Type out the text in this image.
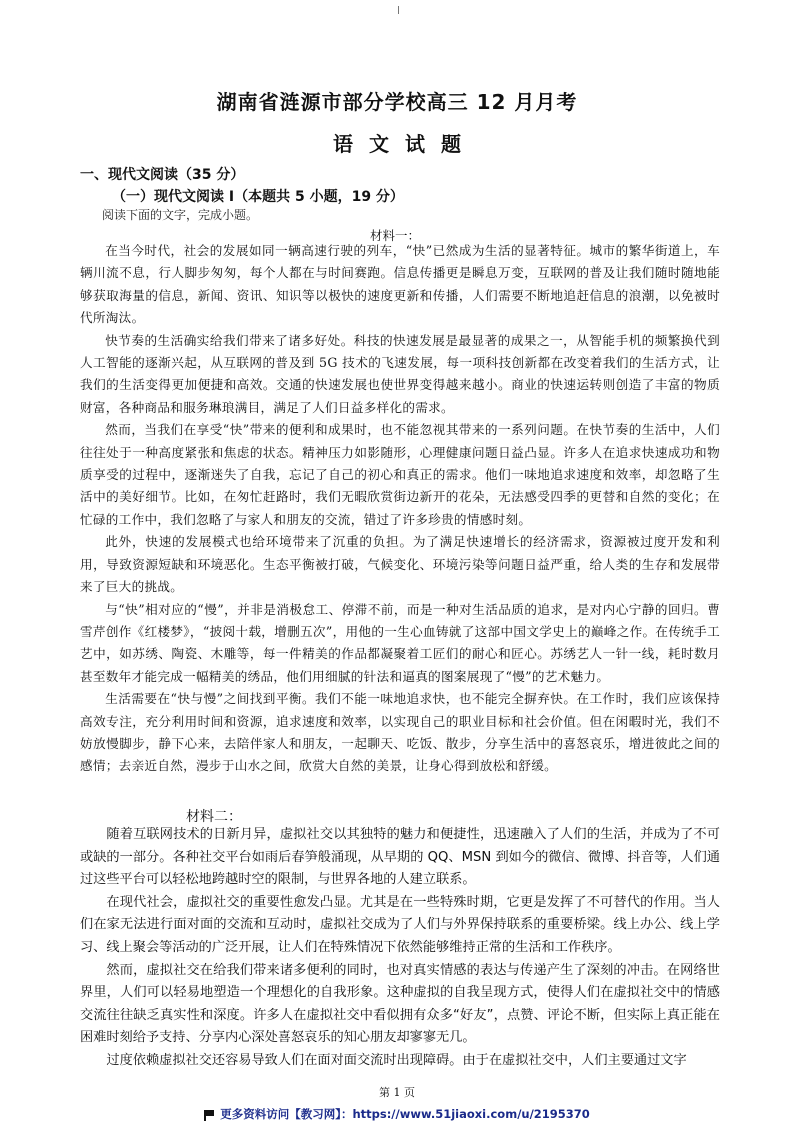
湖南省涟源市部分学校高三 12 月月考
语文试题
一、现代文阅读（35 分）
（一）现代文阅读 I（本题共 5 小题，19 分）
阅读下面的文字，完成小题。
材料一：

在当今时代，社会的发展如同一辆高速行驶的列车，“快”已然成为生活的显著特征。城市的繁华街道上，车辆川流不息，行人脚步匆匆，每个人都在与时间赛跑。信息传播更是瞬息万变，互联网的普及让我们随时随地能够获取海量的信息，新闻、资讯、知识等以极快的速度更新和传播，人们需要不断地追赶信息的浪潮，以免被时代所淘汰。

快节奏的生活确实给我们带来了诸多好处。科技的快速发展是最显著的成果之一，从智能手机的频繁换代到人工智能的逐渐兴起，从互联网的普及到 5G 技术的飞速发展，每一项科技创新都在改变着我们的生活方式，让我们的生活变得更加便捷和高效。交通的快速发展也使世界变得越来越小。商业的快速运转则创造了丰富的物质财富，各种商品和服务琳琅满目，满足了人们日益多样化的需求。

然而，当我们在享受“快”带来的便利和成果时，也不能忽视其带来的一系列问题。在快节奏的生活中，人们往往处于一种高度紧张和焦虑的状态。精神压力如影随形，心理健康问题日益凸显。许多人在追求快速成功和物质享受的过程中，逐渐迷失了自我，忘记了自己的初心和真正的需求。他们一味地追求速度和效率，却忽略了生活中的美好细节。比如，在匆忙赶路时，我们无暇欣赏街边新开的花朵，无法感受四季的更替和自然的变化；在忙碌的工作中，我们忽略了与家人和朋友的交流，错过了许多珍贵的情感时刻。

此外，快速的发展模式也给环境带来了沉重的负担。为了满足快速增长的经济需求，资源被过度开发和利用，导致资源短缺和环境恶化。生态平衡被打破，气候变化、环境污染等问题日益严重，给人类的生存和发展带来了巨大的挑战。

与“快”相对应的“慢”，并非是消极怠工、停滞不前，而是一种对生活品质的追求，是对内心宁静的回归。曹雪芹创作《红楼梦》，“披阅十载，增删五次”，用他的一生心血铸就了这部中国文学史上的巅峰之作。在传统手工艺中，如苏绣、陶瓷、木雕等，每一件精美的作品都凝聚着工匠们的耐心和匠心。苏绣艺人一针一线，耗时数月甚至数年才能完成一幅精美的绣品，他们用细腻的针法和逼真的图案展现了“慢”的艺术魅力。

生活需要在“快与慢”之间找到平衡。我们不能一味地追求快，也不能完全摒弃快。在工作时，我们应该保持高效专注，充分利用时间和资源，追求速度和效率，以实现自己的职业目标和社会价值。但在闲暇时光，我们不妨放慢脚步，静下心来，去陪伴家人和朋友，一起聊天、吃饭、散步，分享生活中的喜怒哀乐，增进彼此之间的感情；去亲近自然，漫步于山水之间，欣赏大自然的美景，让身心得到放松和舒缓。

材料二：

随着互联网技术的日新月异，虚拟社交以其独特的魅力和便捷性，迅速融入了人们的生活，并成为了不可或缺的一部分。各种社交平台如雨后春笋般涌现，从早期的 QQ、MSN 到如今的微信、微博、抖音等，人们通过这些平台可以轻松地跨越时空的限制，与世界各地的人建立联系。

在现代社会，虚拟社交的重要性愈发凸显。尤其是在一些特殊时期，它更是发挥了不可替代的作用。当人们在家无法进行面对面的交流和互动时，虚拟社交成为了人们与外界保持联系的重要桥梁。线上办公、线上学习、线上聚会等活动的广泛开展，让人们在特殊情况下依然能够维持正常的生活和工作秩序。

然而，虚拟社交在给我们带来诸多便利的同时，也对真实情感的表达与传递产生了深刻的冲击。在网络世界里，人们可以轻易地塑造一个理想化的自我形象。这种虚拟的自我呈现方式，使得人们在虚拟社交中的情感交流往往缺乏真实性和深度。许多人在虚拟社交中看似拥有众多“好友”，点赞、评论不断，但实际上真正能在困难时刻给予支持、分享内心深处喜怒哀乐的知心朋友却寥寥无几。

过度依赖虚拟社交还容易导致人们在面对面交流时出现障碍。由于在虚拟社交中，人们主要通过文字

第 1 页
更多资料访问【教习网】：https://www.51jiaoxi.com/u/2195370
